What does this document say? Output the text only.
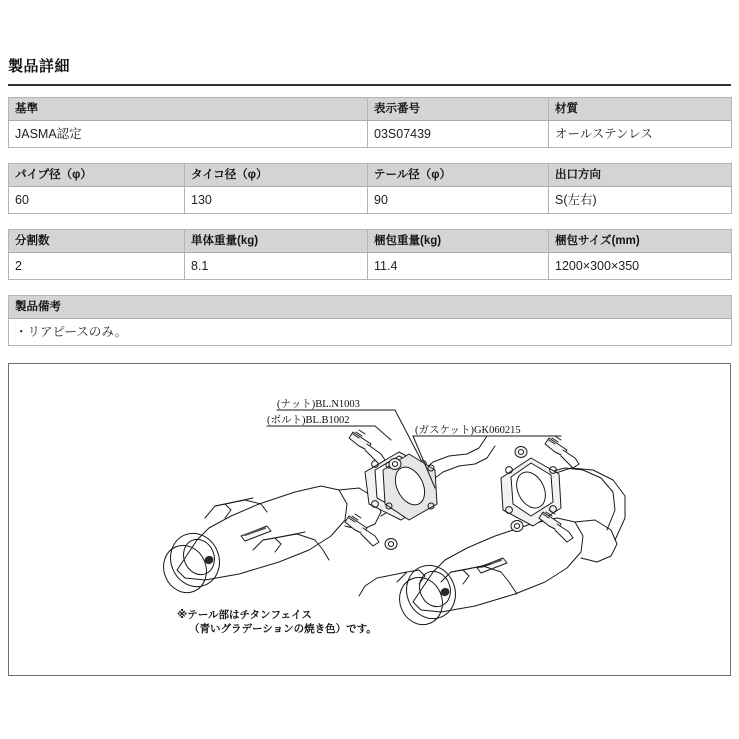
製品詳細
基準	表示番号	材質
JASMA認定	03S07439	オールステンレス
パイプ径（φ）	タイコ径（φ）	テール径（φ）	出口方向
60	130	90	S(左右)
分割数	単体重量(kg)	梱包重量(kg)	梱包サイズ(mm)
2	8.1	11.4	1200×300×350
製品備考
・リアピースのみ。
(ナット)BL.N1003
(ボルト)BL.B1002
(ガスケット)GK060215
※テール部はチタンフェイス
（青いグラデーションの焼き色）です。
